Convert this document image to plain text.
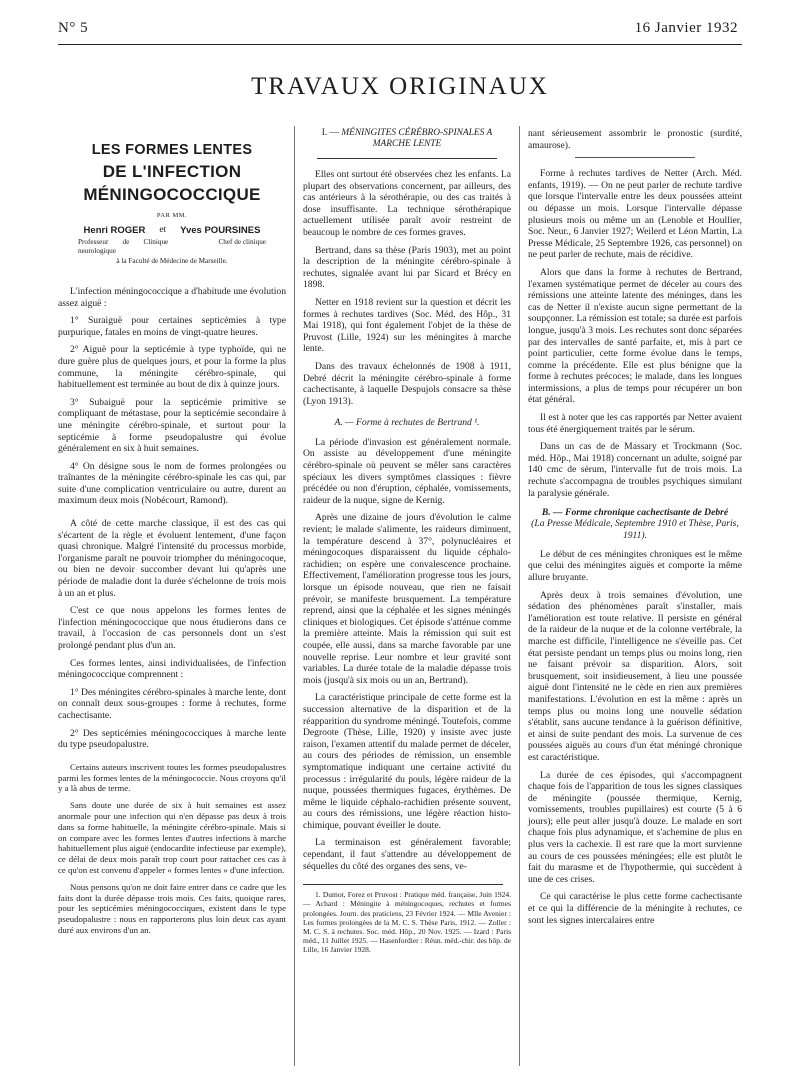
N° 5	16 Janvier 1932
TRAVAUX ORIGINAUX
LES FORMES LENTES
DE L'INFECTION
MÉNINGOCOCCIQUE
PAR MM.
Henri ROGER et Yves POURSINES
Professeur de Clinique neurologique
Chef de clinique
à la Faculté de Médecine de Marseille.

L'infection méningococcique a d'habitude une évolution assez aiguë :

1° Suraiguë pour certaines septicémies à type purpurique, fatales en moins de vingt-quatre heures.

2° Aiguë pour la septicémie à type typhoïde, qui ne dure guère plus de quelques jours, et pour la forme la plus commune, la méningite cérébro-spinale, qui habituellement est terminée au bout de dix à quinze jours.

3° Subaiguë pour la septicémie primitive se compliquant de métastase, pour la septicémie secondaire à une méningite cérébro-spinale, et surtout pour la septicémie à forme pseudopalustre qui évolue généralement en six à huit semaines.

4° On désigne sous le nom de formes prolongées ou traînantes de la méningite cérébro-spinale les cas qui, par suite d'une complication ventriculaire ou autre, durent au maximum deux mois (Nobécourt, Ramond).

A côté de cette marche classique, il est des cas qui s'écartent de la règle et évoluent lentement, d'une façon quasi chronique. Malgré l'intensité du processus morbide, l'organisme paraît ne pouvoir triompher du méningocoque, ou bien ne devoir succomber devant lui qu'après une période de maladie dont la durée s'échelonne de trois mois à un an et plus.

C'est ce que nous appelons les formes lentes de l'infection méningococcique que nous étudierons dans ce travail, à l'occasion de cas personnels dont un s'est prolongé pendant plus d'un an.

Ces formes lentes, ainsi individualisées, de l'infection méningococcique comprennent :

1° Des méningites cérébro-spinales à marche lente, dont on connaît deux sous-groupes : forme à rechutes, forme cachectisante.

2° Des septicémies méningococciques à marche lente du type pseudopalustre.

Certains auteurs inscrivent toutes les formes pseudopalustres parmi les formes lentes de la méningococcie. Nous croyons qu'il y a là abus de terme.

Sans doute une durée de six à huit semaines est assez anormale pour une infection qui n'en dépasse pas deux à trois dans sa forme habituelle, la méningite cérébro-spinale. Mais si on compare avec les formes lentes d'autres infections à marche habituellement plus aiguë (endocardite infectieuse par exemple), ce délai de deux mois paraît trop court pour rattacher ces cas à ce qu'on est convenu d'appeler « formes lentes » d'une infection.

Nous pensons qu'on ne doit faire entrer dans ce cadre que les faits dont la durée dépasse trois mois. Ces faits, quoique rares, pour les septicémies méningococciques, existent dans le type pseudopalustre : nous en rapporterons plus loin deux cas ayant duré aux environs d'un an.

I. — MÉNINGITES CÉRÉBRO-SPINALES A MARCHE LENTE

Elles ont surtout été observées chez les enfants. La plupart des observations concernent, par ailleurs, des cas antérieurs à la sérothérapie, ou des cas traités à dose insuffisante. La technique sérothérapique actuellement utilisée paraît avoir restreint de beaucoup le nombre de ces formes graves.

Bertrand, dans sa thèse (Paris 1903), met au point la description de la méningite cérébro-spinale à rechutes, signalée avant lui par Sicard et Brécy en 1898.

Netter en 1918 revient sur la question et décrit les formes à rechutes tardives (Soc. Méd. des Hôp., 31 Mai 1918), qui font également l'objet de la thèse de Pruvost (Lille, 1924) sur les méningites à marche lente.

Dans des travaux échelonnés de 1908 à 1911, Debré décrit la méningite cérébro-spinale à forme cachectisante, à laquelle Despujols consacre sa thèse (Lyon 1913).

A. — Forme à rechutes de Bertrand ¹.

La période d'invasion est généralement normale. On assiste au développement d'une méningite cérébro-spinale où peuvent se mêler sans caractères spéciaux les divers symptômes classiques : fièvre précédée ou non d'éruption, céphalée, vomissements, raideur de la nuque, signe de Kernig.

Après une dizaine de jours d'évolution le calme revient; le malade s'alimente, les raideurs diminuent, la température descend à 37°, polynucléaires et méningocoques disparaissent du liquide céphalo-rachidien; on espère une convalescence prochaine. Effectivement, l'amélioration progresse tous les jours, lorsque un épisode nouveau, que rien ne faisait prévoir, se manifeste brusquement. La température reprend, ainsi que la céphalée et les signes méningés cliniques et biologiques. Cet épisode s'atténue comme la première atteinte. Mais la rémission qui suit est coupée, elle aussi, dans sa marche favorable par une nouvelle reprise. Leur nombre et leur gravité sont variables. La durée totale de la maladie dépasse trois mois (jusqu'à six mois ou un an, Bertrand).

La caractéristique principale de cette forme est la succession alternative de la disparition et de la réapparition du syndrome méningé. Toutefois, comme Degroote (Thèse, Lille, 1920) y insiste avec juste raison, l'examen attentif du malade permet de déceler, au cours des périodes de rémission, un ensemble symptomatique indiquant une certaine activité du processus : irrégularité du pouls, légère raideur de la nuque, poussées thermiques fugaces, érythèmes. De même le liquide céphalo-rachidien présente souvent, au cours des rémissions, une légère réaction histo-chimique, pouvant éveiller le doute.

La terminaison est généralement favorable; cependant, il faut s'attendre au développement de séquelles du côté des organes des sens, ve-

1. Dumot, Forez et Pruvost : Pratique méd. française, Juin 1924. — Achard : Méningite à méningocoques, rechutes et formes prolongées. Journ. des praticiens, 23 Février 1924. — Mlle Avenier : Les formes prolongées de la M. C. S. Thèse Paris, 1912. — Zoller : M. C. S. à rechutes. Soc. méd. Hôp., 20 Nov. 1925. — Izard : Paris méd., 11 Juillet 1925. — Hasenfordier : Réun. méd.-chir. des hôp. de Lille, 16 Janvier 1928.

nant sérieusement assombrir le pronostic (surdité, amaurose).

Forme à rechutes tardives de Netter (Arch. Méd. enfants, 1919). — On ne peut parler de rechute tardive que lorsque l'intervalle entre les deux poussées atteint ou dépasse un mois. Lorsque l'intervalle dépasse plusieurs mois ou même un an (Lenoble et Houllier, Soc. Neur., 6 Janvier 1927; Weilerd et Léon Martin, La Presse Médicale, 25 Septembre 1926, cas personnel) on ne peut parler de rechute, mais de récidive.

Alors que dans la forme à rechutes de Bertrand, l'examen systématique permet de déceler au cours des rémissions une atteinte latente des méninges, dans les cas de Netter il n'existe aucun signe permettant de la soupçonner. La rémission est totale; sa durée est parfois longue, jusqu'à 3 mois. Les rechutes sont donc séparées par des intervalles de santé parfaite, et, mis à part ce point particulier, cette forme évolue dans le temps, comme la précédente. Elle est plus bénigne que la forme à rechutes précoces; le malade, dans les longues intermissions, a plus de temps pour récupérer un bon état général.

Il est à noter que les cas rapportés par Netter avaient tous été énergiquement traités par le sérum.

Dans un cas de de Massary et Trockmann (Soc. méd. Hôp., Mai 1918) concernant un adulte, soigné par 140 cmc de sérum, l'intervalle fut de trois mois. La rechute s'accompagna de troubles psychiques simulant la paralysie générale.

B. — Forme chronique cachectisante de Debré
(La Presse Médicale, Septembre 1910 et Thèse, Paris, 1911).

Le début de ces méningites chroniques est le même que celui des méningites aiguës et comporte la même allure bruyante.

Après deux à trois semaines d'évolution, une sédation des phénomènes paraît s'installer, mais l'amélioration est toute relative. Il persiste en général de la raideur de la nuque et de la colonne vertébrale, la marche est difficile, l'intelligence ne s'éveille pas. Cet état persiste pendant un temps plus ou moins long, rien ne faisant prévoir sa disparition. Alors, soit brusquement, soit insidieusement, à lieu une poussée aiguë dont l'intensité ne le cède en rien aux premières manifestations. L'évolution en est la même : après un temps plus ou moins long une nouvelle sédation s'établit, sans aucune tendance à la guérison définitive, et ainsi de suite pendant des mois. La survenue de ces poussées aiguës au cours d'un état méningé chronique est caractéristique.

La durée de ces épisodes, qui s'accompagnent chaque fois de l'apparition de tous les signes classiques de méningite (poussée thermique, Kernig, vomissements, troubles pupillaires) est courte (5 à 6 jours); elle peut aller jusqu'à douze. Le malade en sort chaque fois plus adynamique, et s'achemine de plus en plus vers la cachexie. Il est rare que la mort survienne au cours de ces poussées méningées; elle est plutôt le fait du marasme et de l'hypothermie, qui succèdent à une de ces crises.

Ce qui caractérise le plus cette forme cachectisante et ce qui la différencie de la méningite à rechutes, ce sont les signes intercalaires entre
